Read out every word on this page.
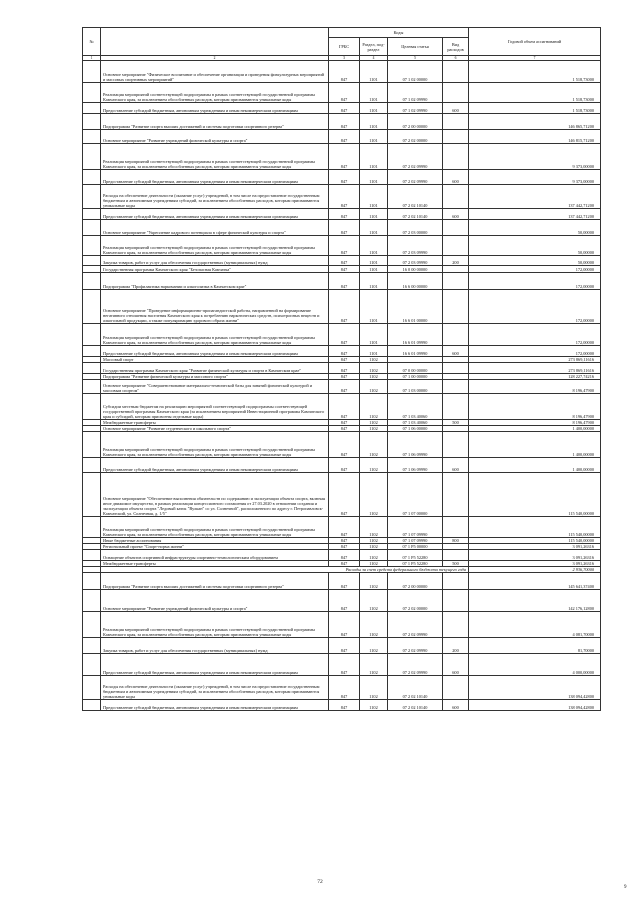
№		Коды				Годовой объем ассигнований
		ГРБС	Раздел, под-раздел	Целевая статья	Вид расходов	
1	2	3	4	5	6	7
	Основное мероприятие "Физическое воспитание и обеспечение организации и проведения физкультурных мероприятий и массовых спортивных мероприятий"	847	1101	07 1 02 00000		1 518,73000
	Реализация мероприятий соответствующей подпрограммы в рамках соответствующей государственной программы Камчатского края, за исключением обособленных расходов, которым присваиваются уникальные коды	847	1101	07 1 02 09990		1 518,73000
	Предоставление субсидий бюджетным, автономным учреждениям и иным некоммерческим организациям	847	1101	07 1 02 09990	600	1 518,73000
	Подпрограмма "Развитие спорта высших достижений и системы подготовки спортивного резерва"	847	1101	07 2 00 00000		146 865,71200
	Основное мероприятие "Развитие учреждений физической культуры и спорта"	847	1101	07 2 02 00000		146 815,71200
	Реализация мероприятий соответствующей подпрограммы в рамках соответствующей государственной программы Камчатского края, за исключением обособленных расходов, которым присваиваются уникальные коды	847	1101	07 2 02 09990		9 373,00000
	Предоставление субсидий бюджетным, автономным учреждениям и иным некоммерческим организациям	847	1101	07 2 02 09990	600	9 373,00000
	Расходы на обеспечение деятельности (оказание услуг) учреждений, в том числе на предоставление государственным бюджетным и автономным учреждениям субсидий, за исключением обособленных расходов, которым присваиваются уникальные коды	847	1101	07 2 02 10140		137 442,71200
	Предоставление субсидий бюджетным, автономным учреждениям и иным некоммерческим организациям	847	1101	07 2 02 10140	600	137 442,71200
	Основное мероприятие "Укрепление кадрового потенциала в сфере физической культуры и спорта"	847	1101	07 2 03 00000		50,00000
	Реализация мероприятий соответствующей подпрограммы в рамках соответствующей государственной программы Камчатского края, за исключением обособленных расходов, которым присваиваются уникальные коды	847	1101	07 2 03 09990		50,00000
	Закупка товаров, работ и услуг для обеспечения государственных (муниципальных) нужд	847	1101	07 2 03 09990	200	50,00000
	Государственная программа Камчатского края "Безопасная Камчатка"	847	1101	16 0 00 00000		172,00000
	Подпрограмма "Профилактика наркомании и алкоголизма в Камчатском крае"	847	1101	16 6 00 00000		172,00000
	Основное мероприятие "Проведение информационно-пропагандистской работы, направленной на формирование негативного отношения населения Камчатского края к потреблению наркотических средств, психотропных веществ и алкогольной продукции, а также популяризацию здорового образа жизни"	847	1101	16 6 01 00000		172,00000
	Реализация мероприятий соответствующей подпрограммы в рамках соответствующей государственной программы Камчатского края, за исключением обособленных расходов, которым присваиваются уникальные коды	847	1101	16 6 01 09990		172,00000
	Предоставление субсидий бюджетным, автономным учреждениям и иным некоммерческим организациям	847	1101	16 6 01 09990	600	172,00000
	Массовый спорт	847	1102			273 869,11616
	Государственная программа Камчатского края "Развитие физической культуры и спорта в Камчатском крае"	847	1102	07 0 00 00000		273 869,11616
	Подпрограмма "Развитие физической культуры и массового спорта"	847	1102	07 1 00 00000		128 227,74216
	Основное мероприятие "Совершенствование материально-технической базы для занятий физической культурой и массовым спортом"	847	1102	07 1 03 00000		8 196,47900
	Субсидии местным бюджетам на реализацию мероприятий соответствующей подпрограммы соответствующей государственной программы Камчатского края (за исключением мероприятий Инвестиционной программы Камчатского края и субсидий, которым присвоены отдельные коды)	847	1102	07 1 03 40060		8 196,47900
	Межбюджетные трансферты	847	1102	07 1 03 40060	500	8 196,47900
	Основное мероприятие "Развитие студенческого и школьного спорта"	847	1102	07 1 06 00000		1 400,00000
	Реализация мероприятий соответствующей подпрограммы в рамках соответствующей государственной программы Камчатского края, за исключением обособленных расходов, которым присваиваются уникальные коды	847	1102	07 1 06 09990		1 400,00000
	Предоставление субсидий бюджетным, автономным учреждениям и иным некоммерческим организациям	847	1102	07 1 06 09990	600	1 400,00000
	Основное мероприятие "Обеспечение выполнения обязательств по содержанию и эксплуатации объекта спорта, включая иное движимое имущество, в рамках реализации концессионного соглашения от 27.03.2020 в отношении создания и эксплуатации объекта спорта "Ледовый каток "Вулкан" со ул. Солнечной", расположенного по адресу г. Петропавловск-Камчатский, ул. Солнечная, д. 1/5"	847	1102	07 1 07 00000		115 540,00000
	Реализация мероприятий соответствующей подпрограммы в рамках соответствующей государственной программы Камчатского края, за исключением обособленных расходов, которым присваиваются уникальные коды	847	1102	07 1 07 09990		115 540,00000
	Иные бюджетные ассигнования	847	1102	07 1 07 09990	800	115 540,00000
	Региональный проект "Спорт-норма жизни"	847	1102	07 1 P5 00000		3 091,26316
	Оснащение объектов спортивной инфраструктуры спортивно-технологическим оборудованием	847	1102	07 1 P5 52280		3 091,26316
	Межбюджетные трансферты	847	1102	07 1 P5 52280	500	3 091,26316
	Расходы за счет средств федерального бюджета текущего года					2 936,70000
	Подпрограмма "Развитие спорта высших достижений и системы подготовки спортивного резерва"	847	1102	07 2 00 00000		145 641,37400
	Основное мероприятие "Развитие учреждений физической культуры и спорта"	847	1102	07 2 02 00000		142 176,12800
	Реализация мероприятий соответствующей подпрограммы в рамках соответствующей государственной программы Камчатского края, за исключением обособленных расходов, которым присваиваются уникальные коды	847	1102	07 2 02 09990		4 081,70000
	Закупка товаров, работ и услуг для обеспечения государственных (муниципальных) нужд	847	1102	07 2 02 09990	200	81,70000
	Предоставление субсидий бюджетным, автономным учреждениям и иным некоммерческим организациям	847	1102	07 2 02 09990	600	4 000,00000
	Расходы на обеспечение деятельности (оказание услуг) учреждений, в том числе на предоставление государственным бюджетным и автономным учреждениям субсидий, за исключением обособленных расходов, которым присваиваются уникальные коды	847	1102	07 2 02 10140		138 094,42800
	Предоставление субсидий бюджетным, автономным учреждениям и иным некоммерческим организациям	847	1102	07 2 02 10140	600	138 094,42800
72
9
